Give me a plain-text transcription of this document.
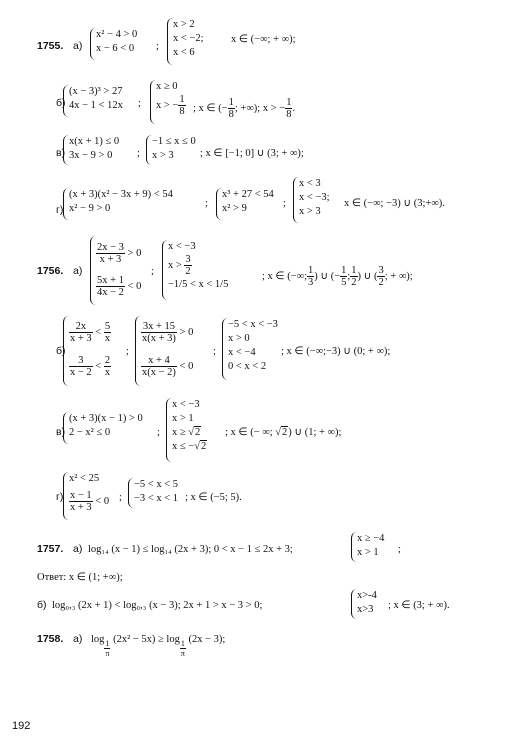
1755. а)
x² − 4 > 0
x − 6 < 0	;
x > 2
x < −2;
x < 6
x ∈ (−∞; + ∞);
б)
(x − 3)³ > 27
4x − 1 < 12x ;
x ≥ 0
x > − $\frac{1}{8}$ ; x ∈ (− $\frac{1}{8}$ ; +∞); x > − $\frac{1}{8}$ .
в)
x(x + 1) ≤ 0
3x − 9 > 0	;
−1 ≤ x ≤ 0
x > 3	; x ∈ [−1; 0] ∪ (3; + ∞);
г)
(x + 3)(x² − 3x + 9) < 54
x² − 9 > 0	;
x³ + 27 < 54
x² > 9	;
x < 3
x < −3;
x > 3
x ∈ (−∞; −3) ∪ (3;+∞).
1756. а)
$\frac{2x - 3}{x + 3} > 0$
$\frac{5x + 1}{4x - 2} < 0$
;
x < −3
$x > \frac{3}{2}$
−1/5 < x < 1/5
; x ∈ (−∞; $\frac{1}{3}$ ) ∪ (− $\frac{1}{5}$ ; $\frac{1}{2}$ ) ∪ ( $\frac{3}{2}$ ; + ∞);
б)
$\frac{2x}{x + 3} < \frac{5}{x}$
$\frac{3}{x - 2} < \frac{2}{x}$
;
$\frac{3x + 15}{x(x + 3)} > 0$
$\frac{x + 4}{x(x - 2)} < 0$
;
−5 < x < −3
x > 0
x < −4
0 < x < 2
; x ∈ (−∞;−3) ∪ (0; + ∞);
в)
(x + 3)(x − 1) > 0
2 − x² ≤ 0	;
x < −3
x > 1
x ≥ √2
x ≤ −√2
; x ∈ (− ∞; √2) ∪ (1; + ∞);
г)
x² < 25
$\frac{x - 1}{x + 3} < 0$ ;
−5 < x < 5
−3 < x < 1 ; x ∈ (−5; 5).
1757. а) log₁₄ (x − 1) ≤ log₁₄ (2x + 3); 0 < x − 1 ≤ 2x + 3;
x ≥ −4
x > 1	;
Ответ: x ∈ (1; +∞);
б) log₀,₃ (2x + 1) < log₀,₃ (x − 3); 2x + 1 > x − 3 > 0;
x>-4
x>3	; x ∈ (3; + ∞).
1758. а) $\log \frac{1}{\pi} (2x^2 - 5x) \ge \log \frac{1}{\pi} (2x - 3)$;
192
